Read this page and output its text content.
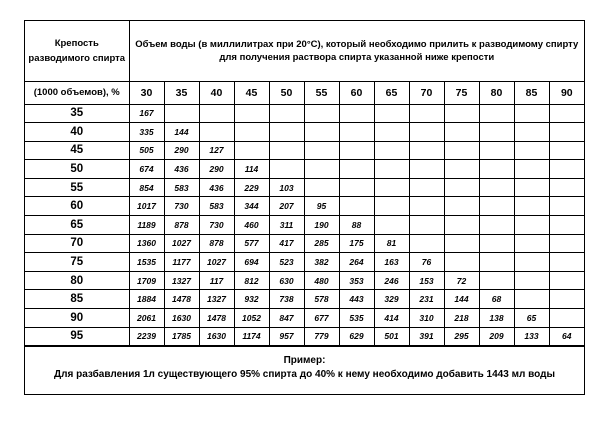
Крепость разводимого спирта	Объем воды (в миллилитрах при 20°С), который необходимо прилить к разводимому спирту для получения раствора спирта указанной ниже крепости												
(1000 объемов), %	30	35	40	45	50	55	60	65	70	75	80	85	90
35	167												
40	335	144											
45	505	290	127										
50	674	436	290	114									
55	854	583	436	229	103								
60	1017	730	583	344	207	95							
65	1189	878	730	460	311	190	88						
70	1360	1027	878	577	417	285	175	81					
75	1535	1177	1027	694	523	382	264	163	76				
80	1709	1327	117	812	630	480	353	246	153	72			
85	1884	1478	1327	932	738	578	443	329	231	144	68		
90	2061	1630	1478	1052	847	677	535	414	310	218	138	65	
95	2239	1785	1630	1174	957	779	629	501	391	295	209	133	64
Пример:
Для разбавления 1л существующего 95% спирта до 40% к нему необходимо добавить 1443 мл воды
